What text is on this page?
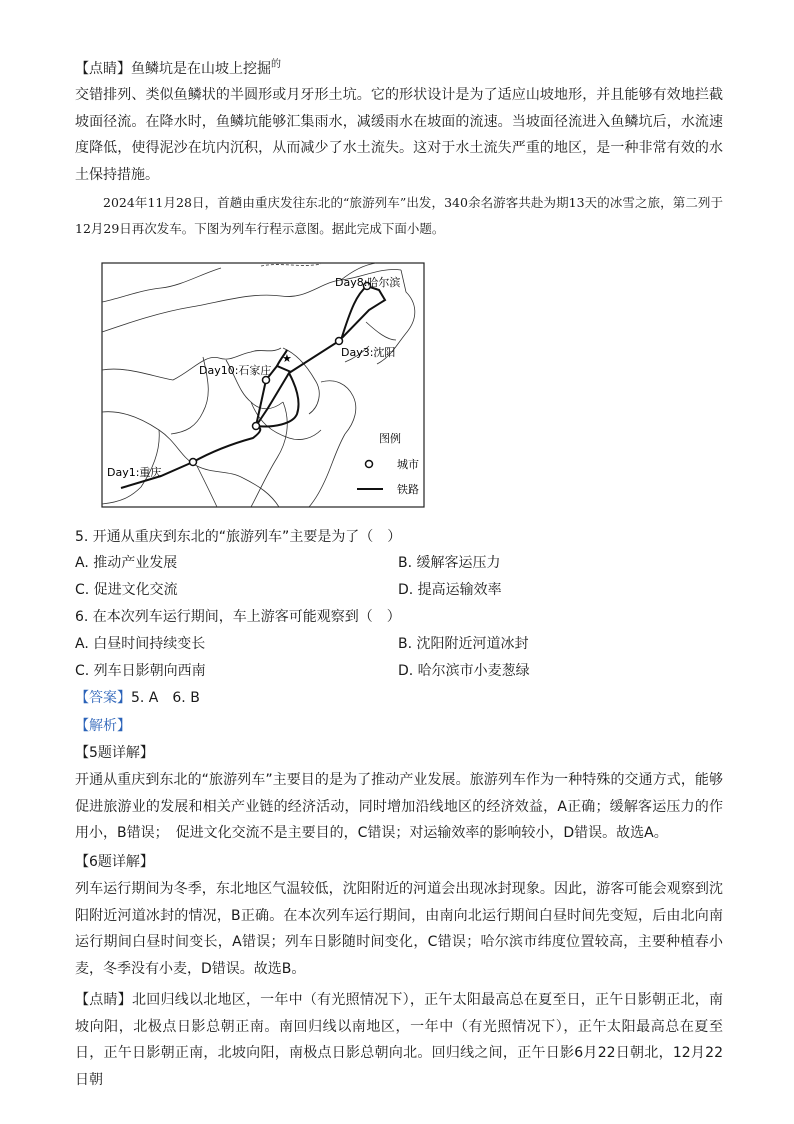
【点睛】鱼鳞坑是在山坡上挖掘$^的$

交错排列、类似鱼鳞状的半圆形或月牙形土坑。它的形状设计是为了适应山坡地形，并且能够有效地拦截坡面径流。在降水时，鱼鳞坑能够汇集雨水，减缓雨水在坡面的流速。当坡面径流进入鱼鳞坑后，水流速度降低，使得泥沙在坑内沉积，从而减少了水土流失。这对于水土流失严重的地区，是一种非常有效的水土保持措施。

2024年11月28日，首趟由重庆发往东北的“旅游列车”出发，340余名游客共赴为期13天的冰雪之旅，第二列于12月29日再次发车。下图为列车行程示意图。据此完成下面小题。

★
Day8:哈尔滨
Day3:沈阳
Day10:石家庄
Day1:重庆
图例
城市
铁路
5. 开通从重庆到东北的“旅游列车”主要是为了（　）
A. 推动产业发展	B. 缓解客运压力
C. 促进文化交流	D. 提高运输效率
6. 在本次列车运行期间，车上游客可能观察到（　）
A. 白昼时间持续变长	B. 沈阳附近河道冰封
C. 列车日影朝向西南	D. 哈尔滨市小麦葱绿
【答案】5. A　6. B
【解析】
【5题详解】

开通从重庆到东北的“旅游列车”主要目的是为了推动产业发展。旅游列车作为一种特殊的交通方式，能够促进旅游业的发展和相关产业链的经济活动，同时增加沿线地区的经济效益，A正确；缓解客运压力的作用小，B错误；　促进文化交流不是主要目的，C错误；对运输效率的影响较小，D错误。故选A。

【6题详解】

列车运行期间为冬季，东北地区气温较低，沈阳附近的河道会出现冰封现象。因此，游客可能会观察到沈阳附近河道冰封的情况，B正确。在本次列车运行期间，由南向北运行期间白昼时间先变短，后由北向南运行期间白昼时间变长，A错误；列车日影随时间变化，C错误；哈尔滨市纬度位置较高，主要种植春小麦，冬季没有小麦，D错误。故选B。

【点睛】北回归线以北地区，一年中（有光照情况下），正午太阳最高总在夏至日，正午日影朝正北，南坡向阳，北极点日影总朝正南。南回归线以南地区，一年中（有光照情况下），正午太阳最高总在夏至日，正午日影朝正南，北坡向阳，南极点日影总朝向北。回归线之间，正午日影6月22日朝北，12月22日朝
